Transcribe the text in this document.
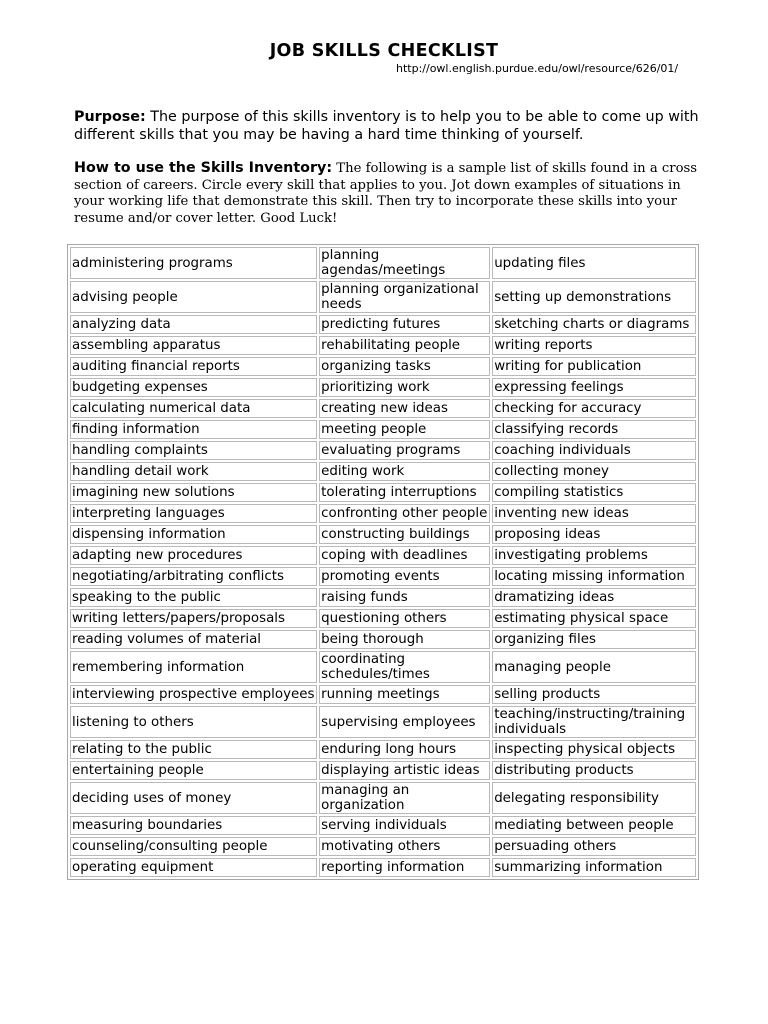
JOB SKILLS CHECKLIST
http://owl.english.purdue.edu/owl/resource/626/01/
Purpose: The purpose of this skills inventory is to help you to be able to come up with different skills that you may be having a hard time thinking of yourself.
How to use the Skills Inventory: The following is a sample list of skills found in a cross section of careers. Circle every skill that applies to you. Jot down examples of situations in your working life that demonstrate this skill. Then try to incorporate these skills into your resume and/or cover letter. Good Luck!
administering programs	planning agendas/meetings	updating files
advising people	planning organizational needs	setting up demonstrations
analyzing data	predicting futures	sketching charts or diagrams
assembling apparatus	rehabilitating people	writing reports
auditing financial reports	organizing tasks	writing for publication
budgeting expenses	prioritizing work	expressing feelings
calculating numerical data	creating new ideas	checking for accuracy
finding information	meeting people	classifying records
handling complaints	evaluating programs	coaching individuals
handling detail work	editing work	collecting money
imagining new solutions	tolerating interruptions	compiling statistics
interpreting languages	confronting other people	inventing new ideas
dispensing information	constructing buildings	proposing ideas
adapting new procedures	coping with deadlines	investigating problems
negotiating/arbitrating conflicts	promoting events	locating missing information
speaking to the public	raising funds	dramatizing ideas
writing letters/papers/proposals	questioning others	estimating physical space
reading volumes of material	being thorough	organizing files
remembering information	coordinating schedules/times	managing people
interviewing prospective employees	running meetings	selling products
listening to others	supervising employees	teaching/instructing/training individuals
relating to the public	enduring long hours	inspecting physical objects
entertaining people	displaying artistic ideas	distributing products
deciding uses of money	managing an organization	delegating responsibility
measuring boundaries	serving individuals	mediating between people
counseling/consulting people	motivating others	persuading others
operating equipment	reporting information	summarizing information
